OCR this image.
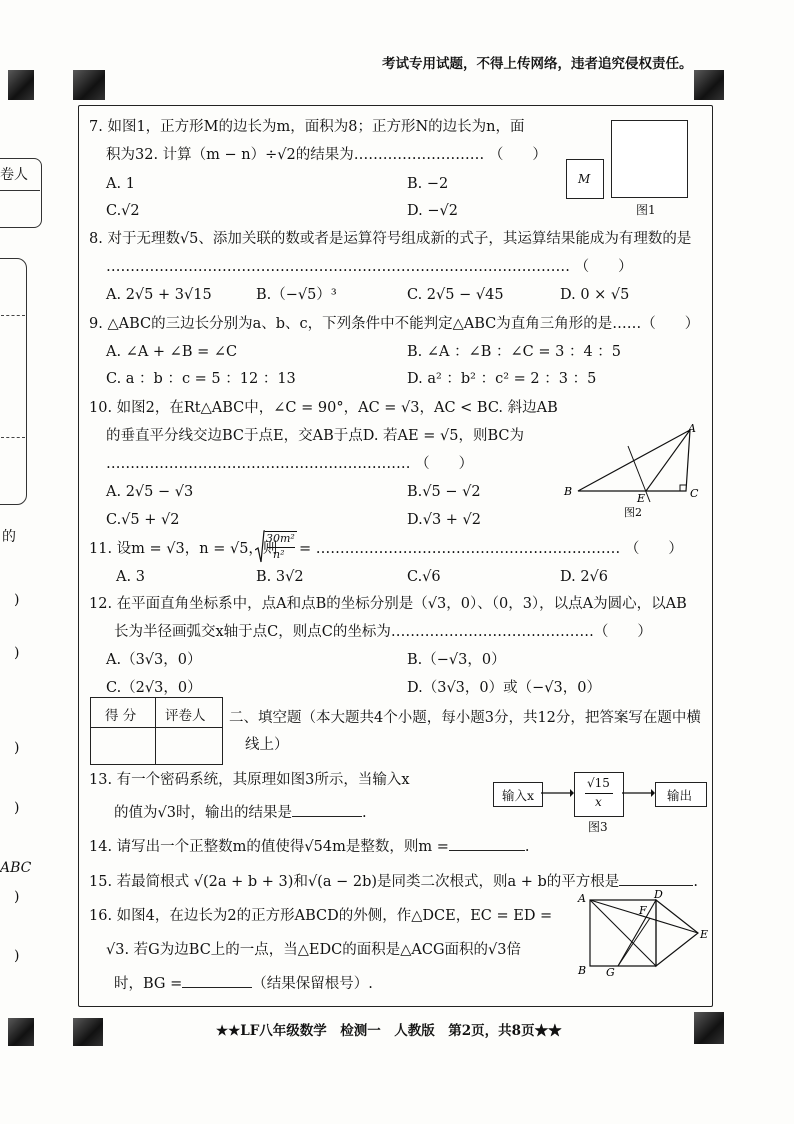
考试专用试题，不得上传网络，违者追究侵权责任。
卷人
的
)
)
)
)
ABC
)
)
7. 如图1，正方形M的边长为m，面积为8；正方形N的边长为n，面
积为32. 计算（m − n）÷√2的结果为……………………… （　　）
A. 1	B. −2
C.√2	D. −√2
M
图1
8. 对于无理数√5、添加关联的数或者是运算符号组成新的式子，其运算结果能成为有理数的是
…………………………………………………………………………………… （　　）
A. 2√5 + 3√15	B.（−√5）³	C. 2√5 − √45	D. 0 × √5
9. △ABC的三边长分别为a、b、c，下列条件中不能判定△ABC为直角三角形的是……（　　）
A. ∠A + ∠B = ∠C	B. ∠A ：∠B ：∠C = 3 ：4 ：5
C. a ：b ：c = 5 ：12 ：13	D. a² ：b² ：c² = 2 ：3 ：5
10. 如图2，在Rt△ABC中，∠C = 90°，AC = √3，AC < BC. 斜边AB
的垂直平分线交边BC于点E，交AB于点D. 若AE = √5，则BC为
……………………………………………………… （　　）
A. 2√5 − √3	B.√5 − √2
C.√5 + √2	D.√3 + √2
A
B	C
E
图2
11. 设m = √3，n = √5，则
30m²
n² = ……………………………………………………… （　　）
A. 3	B. 3√2	C.√6	D. 2√6
12. 在平面直角坐标系中，点A和点B的坐标分别是（√3，0）、（0，3），以点A为圆心，以AB
长为半径画弧交x轴于点C，则点C的坐标为……………………………………（　　）
A.（3√3，0）	B.（−√3，0）
C.（2√3，0）	D.（3√3，0）或（−√3，0）
得 分 评卷人 二、填空题（本大题共4个小题，每小题3分，共12分，把答案写在题中横
线上）
13. 有一个密码系统，其原理如图3所示，当输入x
的值为√3时，输出的结果是	.
输入x
√15
x	输出
图3
14. 请写出一个正整数m的值使得√54m是整数，则m =	.
15. 若最简根式 √(2a + b + 3)和√(a − 2b)是同类二次根式，则a + b的平方根是	.
16. 如图4，在边长为2的正方形ABCD的外侧，作△DCE，EC = ED =
√3. 若G为边BC上的一点，当△EDC的面积是△ACG面积的√3倍
时，BG =	（结果保留根号）.
A
B
D
E
F
G
★★LF八年级数学　检测一　人教版　第2页，共8页★★
